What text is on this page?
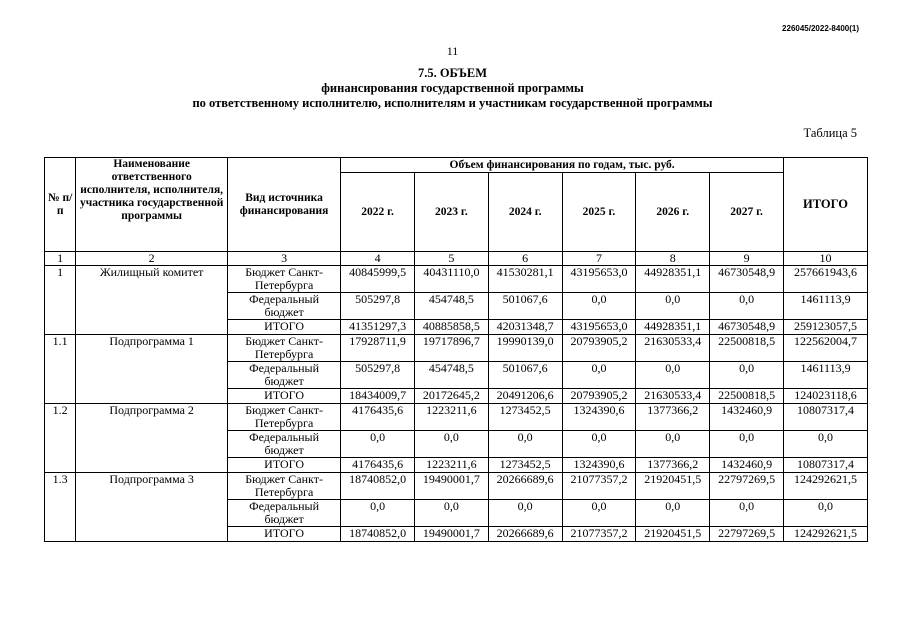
226045/2022-8400(1)
11
7.5. ОБЪЕМ
финансирования государственной программы
по ответственному исполнителю, исполнителям и участникам государственной программы
Таблица 5
№ п/п	Наименование ответственного исполнителя, исполнителя, участника государственной программы	Вид источника финансирования	Объем финансирования по годам, тыс. руб.						ИТОГО
			2022 г.	2023 г.	2024 г.	2025 г.	2026 г.	2027 г.	
1	2	3	4	5	6	7	8	9	10
1	Жилищный комитет	Бюджет Санкт-Петербурга	40845999,5	40431110,0	41530281,1	43195653,0	44928351,1	46730548,9	257661943,6
		Федеральный бюджет	505297,8	454748,5	501067,6	0,0	0,0	0,0	1461113,9
		ИТОГО	41351297,3	40885858,5	42031348,7	43195653,0	44928351,1	46730548,9	259123057,5
1.1	Подпрограмма 1	Бюджет Санкт-Петербурга	17928711,9	19717896,7	19990139,0	20793905,2	21630533,4	22500818,5	122562004,7
		Федеральный бюджет	505297,8	454748,5	501067,6	0,0	0,0	0,0	1461113,9
		ИТОГО	18434009,7	20172645,2	20491206,6	20793905,2	21630533,4	22500818,5	124023118,6
1.2	Подпрограмма 2	Бюджет Санкт-Петербурга	4176435,6	1223211,6	1273452,5	1324390,6	1377366,2	1432460,9	10807317,4
		Федеральный бюджет	0,0	0,0	0,0	0,0	0,0	0,0	0,0
		ИТОГО	4176435,6	1223211,6	1273452,5	1324390,6	1377366,2	1432460,9	10807317,4
1.3	Подпрограмма 3	Бюджет Санкт-Петербурга	18740852,0	19490001,7	20266689,6	21077357,2	21920451,5	22797269,5	124292621,5
		Федеральный бюджет	0,0	0,0	0,0	0,0	0,0	0,0	0,0
		ИТОГО	18740852,0	19490001,7	20266689,6	21077357,2	21920451,5	22797269,5	124292621,5
